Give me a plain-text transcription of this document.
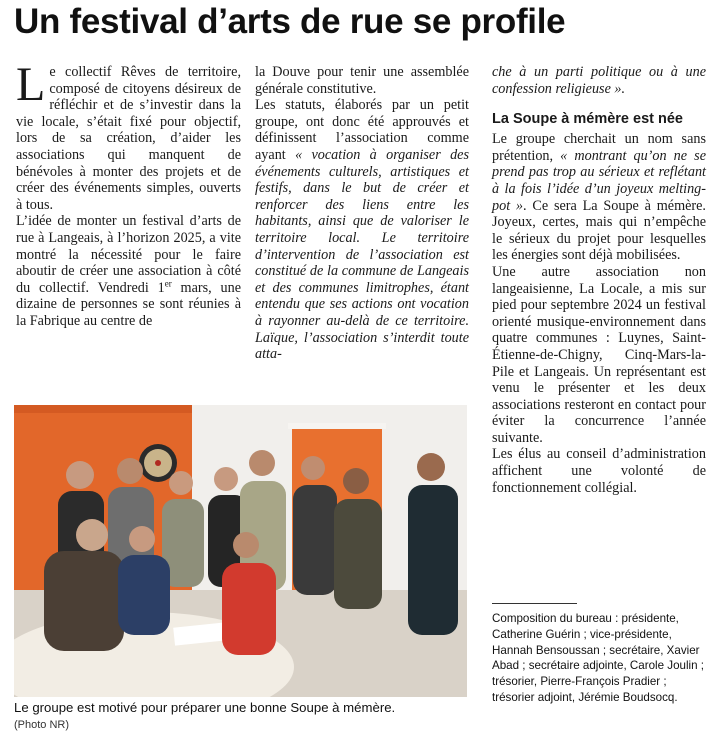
Un festival d’arts de rue se profile

Le collectif Rêves de territoire, composé de citoyens désireux de réfléchir et de s’investir dans la vie locale, s’était fixé pour objectif, lors de sa création, d’aider les associations qui manquent de bénévoles à monter des projets et de créer des événements simples, ouverts à tous.

L’idée de monter un festival d’arts de rue à Langeais, à l’horizon 2025, a vite montré la nécessité pour le faire aboutir de créer une association à côté du collectif. Vendredi 1er mars, une dizaine de personnes se sont réunies à la Fabrique au centre de

la Douve pour tenir une assemblée générale constitutive.

Les statuts, élaborés par un petit groupe, ont donc été approuvés et définissent l’association comme ayant « vocation à organiser des événements culturels, artistiques et festifs, dans le but de créer et renforcer des liens entre les habitants, ainsi que de valoriser le territoire local. Le territoire d’intervention de l’association est constitué de la commune de Langeais et des communes limitrophes, étant entendu que ses actions ont vocation à rayonner au-delà de ce territoire. Laïque, l’association s’interdit toute atta-

che à un parti politique ou à une confession religieuse ».

La Soupe à mémère est née

Le groupe cherchait un nom sans prétention, « montrant qu’on ne se prend pas trop au sérieux et reflétant à la fois l’idée d’un joyeux melting-pot ». Ce sera La Soupe à mémère. Joyeux, certes, mais qui n’empêche le sérieux du projet pour lesquelles les énergies sont déjà mobilisées.

Une autre association non langeaisienne, La Locale, a mis sur pied pour septembre 2024 un festival orienté musique-environnement dans quatre communes : Luynes, Saint-Étienne-de-Chigny, Cinq-Mars-la-Pile et Langeais. Un représentant est venu le présenter et les deux associations resteront en contact pour éviter la concurrence l’année suivante.

Les élus au conseil d’administration affichent une volonté de fonctionnement collégial.

Le groupe est motivé pour préparer une bonne Soupe à mémère.
(Photo NR)
Composition du bureau : présidente, Catherine Guérin ; vice-présidente, Hannah Bensoussan ; secrétaire, Xavier Abad ; secrétaire adjointe, Carole Joulin ; trésorier, Pierre-François Pradier ; trésorier adjoint, Jérémie Boudsocq.
